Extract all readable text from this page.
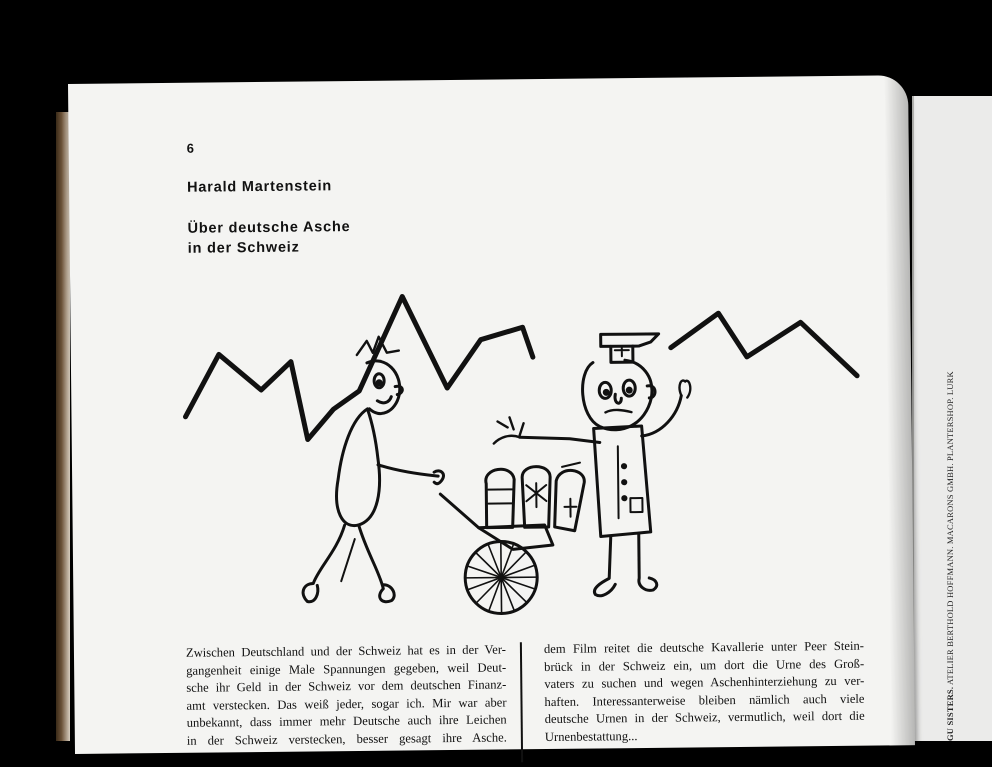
GU SISTERS. ATELIER BERTHOLD HOFFMANN. MACARONS GMBH. PLANTERSHOP. LURK
6
Harald Martenstein
Über deutsche Asche
in der Schweiz
Zwischen Deutschland und der Schweiz hat es in der Ver-
gangenheit einige Male Spannungen gegeben, weil Deut-
sche ihr Geld in der Schweiz vor dem deutschen Finanz-
amt verstecken. Das weiß jeder, sogar ich. Mir war aber
unbekannt, dass immer mehr Deutsche auch ihre Leichen
in der Schweiz verstecken, besser gesagt ihre Asche.
dem Film reitet die deutsche Kavallerie unter Peer Stein-
brück in der Schweiz ein, um dort die Urne des Groß-
vaters zu suchen und wegen Aschenhinterziehung zu ver-
haften. Interessanterweise bleiben nämlich auch viele
deutsche Urnen in der Schweiz, vermutlich, weil dort die
Urnenbestattung...
